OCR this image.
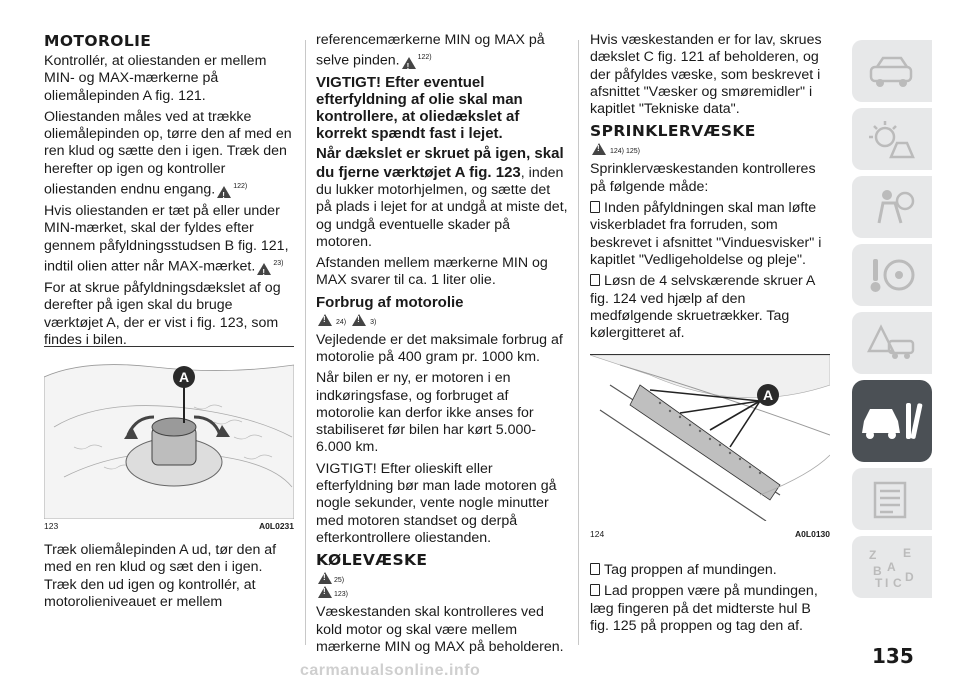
MOTOROLIE

Kontrollér, at oliestanden er mellem MIN- og MAX-mærkerne på oliemålepinden A fig. 121.

Oliestanden måles ved at trække oliemålepinden op, tørre den af med en ren klud og sætte den i igen. Træk den herefter op igen og kontroller oliestanden endnu engang. !	$^{122)}$

Hvis oliestanden er tæt på eller under MIN-mærket, skal der fyldes efter gennem påfyldningsstudsen B fig. 121, indtil olien atter når MAX-mærket.!	$^{23)}$

For at skrue påfyldningsdækslet af og derefter på igen skal du bruge værktøjet A, der er vist i fig. 123, som findes i bilen.

A
123	A0L0231

Træk oliemålepinden A ud, tør den af med en ren klud og sæt den i igen. Træk den ud igen og kontrollér, at motorolieniveauet er mellem

referencemærkerne MIN og MAX på selve pinden. !	$^{122)}$

VIGTIGT! Efter eventuel efterfyldning af olie skal man kontrollere, at oliedækslet af korrekt spændt fast i lejet.

Når dækslet er skruet på igen, skal du fjerne værktøjet A fig. 123, inden du lukker motorhjelmen, og sætte det på plads i lejet for at undgå at miste det, og undgå eventuelle skader på motoren.

Afstanden mellem mærkerne MIN og MAX svarer til ca. 1 liter olie.

Forbrug af motorolie
!
24) !	3)

Vejledende er det maksimale forbrug af motorolie på 400 gram pr. 1000 km.

Når bilen er ny, er motoren i en indkøringsfase, og forbruget af motorolie kan derfor ikke anses for stabiliseret før bilen har kørt 5.000-6.000 km.

VIGTIGT! Efter olieskift eller efterfyldning bør man lade motoren gå nogle sekunder, vente nogle minutter med motoren standset og derpå efterkontrollere oliestanden.

KØLEVÆSKE
! 25)
! 123)

Væskestanden skal kontrolleres ved kold motor og skal være mellem mærkerne MIN og MAX på beholderen.

Hvis væskestanden er for lav, skrues dækslet C fig. 121 af beholderen, og der påfyldes væske, som beskrevet i afsnittet "Væsker og smøremidler" i kapitlet "Tekniske data".

SPRINKLERVÆSKE
!
124) 125)

Sprinklervæskestanden kontrolleres på følgende måde:

Inden påfyldningen skal man løfte viskerbladet fra forruden, som beskrevet i afsnittet "Vinduesvisker" i kapitlet "Vedligeholdelse og pleje".

Løsn de 4 selvskærende skruer A fig. 124 ved hjælp af den medfølgende skruetrækker. Tag kølergitteret af.

A
124	A0L0130

Tag proppen af mundingen.

Lad proppen være på mundingen, læg fingeren på det midterste hul B fig. 125 på proppen og tag den af.

Z E
B A
I C
T D
135
carmanualsonline.info
